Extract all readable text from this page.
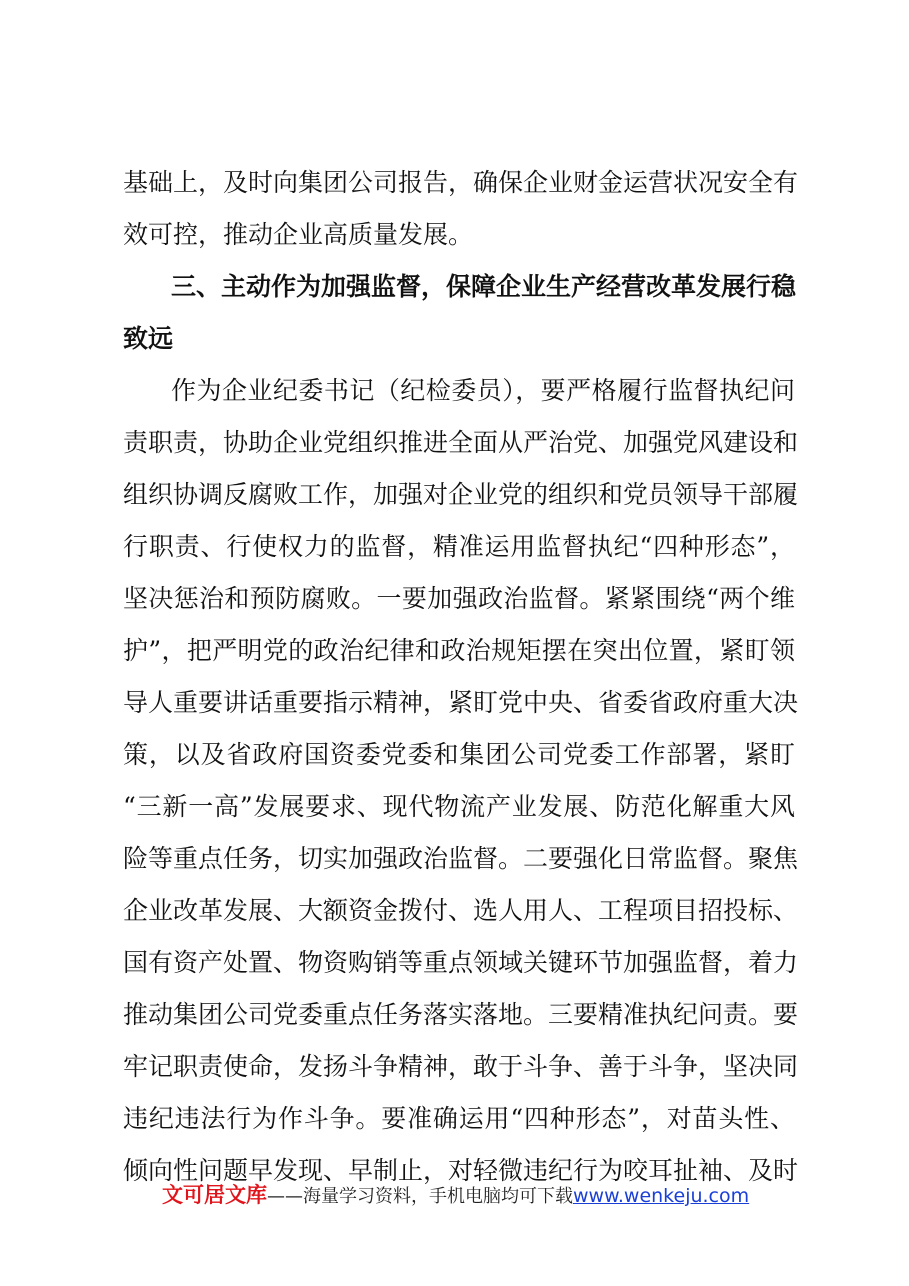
基础上，及时向集团公司报告，确保企业财金运营状况安全有
效可控，推动企业高质量发展。
三、主动作为加强监督，保障企业生产经营改革发展行稳
致远
作为企业纪委书记（纪检委员），要严格履行监督执纪问
责职责，协助企业党组织推进全面从严治党、加强党风建设和
组织协调反腐败工作，加强对企业党的组织和党员领导干部履
行职责、行使权力的监督，精准运用监督执纪“四种形态”，
坚决惩治和预防腐败。一要加强政治监督。紧紧围绕“两个维
护”，把严明党的政治纪律和政治规矩摆在突出位置，紧盯领
导人重要讲话重要指示精神，紧盯党中央、省委省政府重大决
策，以及省政府国资委党委和集团公司党委工作部署，紧盯
“三新一高”发展要求、现代物流产业发展、防范化解重大风
险等重点任务，切实加强政治监督。二要强化日常监督。聚焦
企业改革发展、大额资金拨付、选人用人、工程项目招投标、
国有资产处置、物资购销等重点领域关键环节加强监督，着力
推动集团公司党委重点任务落实落地。三要精准执纪问责。要
牢记职责使命，发扬斗争精神，敢于斗争、善于斗争，坚决同
违纪违法行为作斗争。要准确运用“四种形态”，对苗头性、
倾向性问题早发现、早制止，对轻微违纪行为咬耳扯袖、及时
文可居文库——海量学习资料，手机电脑均可下载www.wenkeju.com
